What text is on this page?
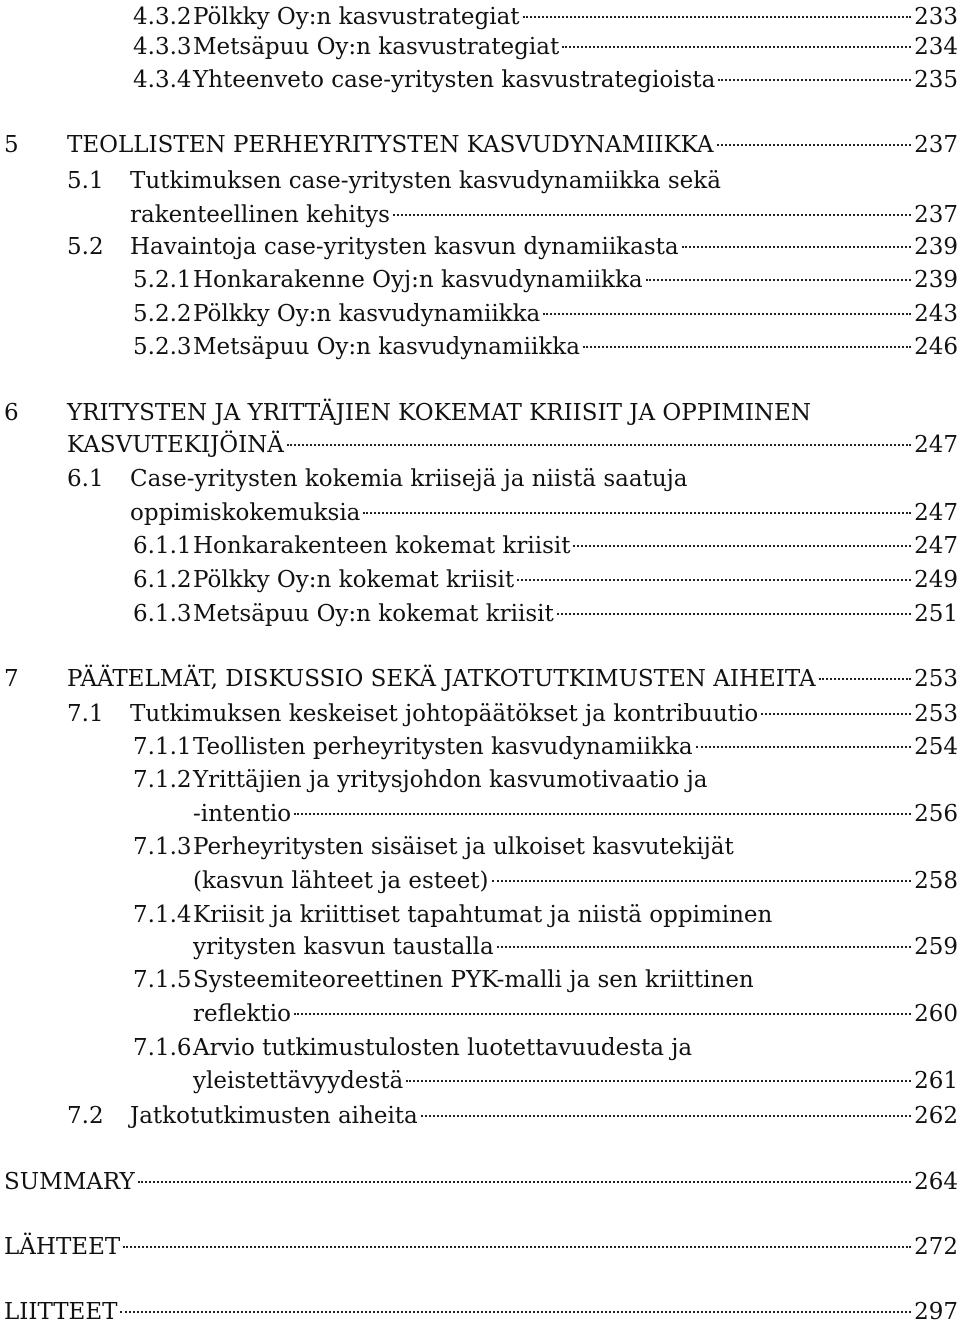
4.3.2 Pölkky Oy:n kasvustrategiat	233
4.3.3 Metsäpuu Oy:n kasvustrategiat	234
4.3.4 Yhteenveto case-yritysten kasvustrategioista	235
5 TEOLLISTEN PERHEYRITYSTEN KASVUDYNAMIIKKA	237
5.1 Tutkimuksen case-yritysten kasvudynamiikka sekä
rakenteellinen kehitys	237
5.2 Havaintoja case-yritysten kasvun dynamiikasta	239
5.2.1 Honkarakenne Oyj:n kasvudynamiikka	239
5.2.2 Pölkky Oy:n kasvudynamiikka	243
5.2.3 Metsäpuu Oy:n kasvudynamiikka	246
6 YRITYSTEN JA YRITTÄJIEN KOKEMAT KRIISIT JA OPPIMINEN
KASVUTEKIJÖINÄ	247
6.1 Case-yritysten kokemia kriisejä ja niistä saatuja
oppimiskokemuksia	247
6.1.1 Honkarakenteen kokemat kriisit	247
6.1.2 Pölkky Oy:n kokemat kriisit	249
6.1.3 Metsäpuu Oy:n kokemat kriisit	251
7 PÄÄTELMÄT, DISKUSSIO SEKÄ JATKOTUTKIMUSTEN AIHEITA	253
7.1 Tutkimuksen keskeiset johtopäätökset ja kontribuutio	253
7.1.1 Teollisten perheyritysten kasvudynamiikka	254
7.1.2 Yrittäjien ja yritysjohdon kasvumotivaatio ja
-intentio	256
7.1.3 Perheyritysten sisäiset ja ulkoiset kasvutekijät
(kasvun lähteet ja esteet)	258
7.1.4 Kriisit ja kriittiset tapahtumat ja niistä oppiminen
yritysten kasvun taustalla	259
7.1.5 Systeemiteoreettinen PYK-malli ja sen kriittinen
reflektio	260
7.1.6 Arvio tutkimustulosten luotettavuudesta ja
yleistettävyydestä	261
7.2 Jatkotutkimusten aiheita	262
SUMMARY	264
LÄHTEET	272
LIITTEET	297
